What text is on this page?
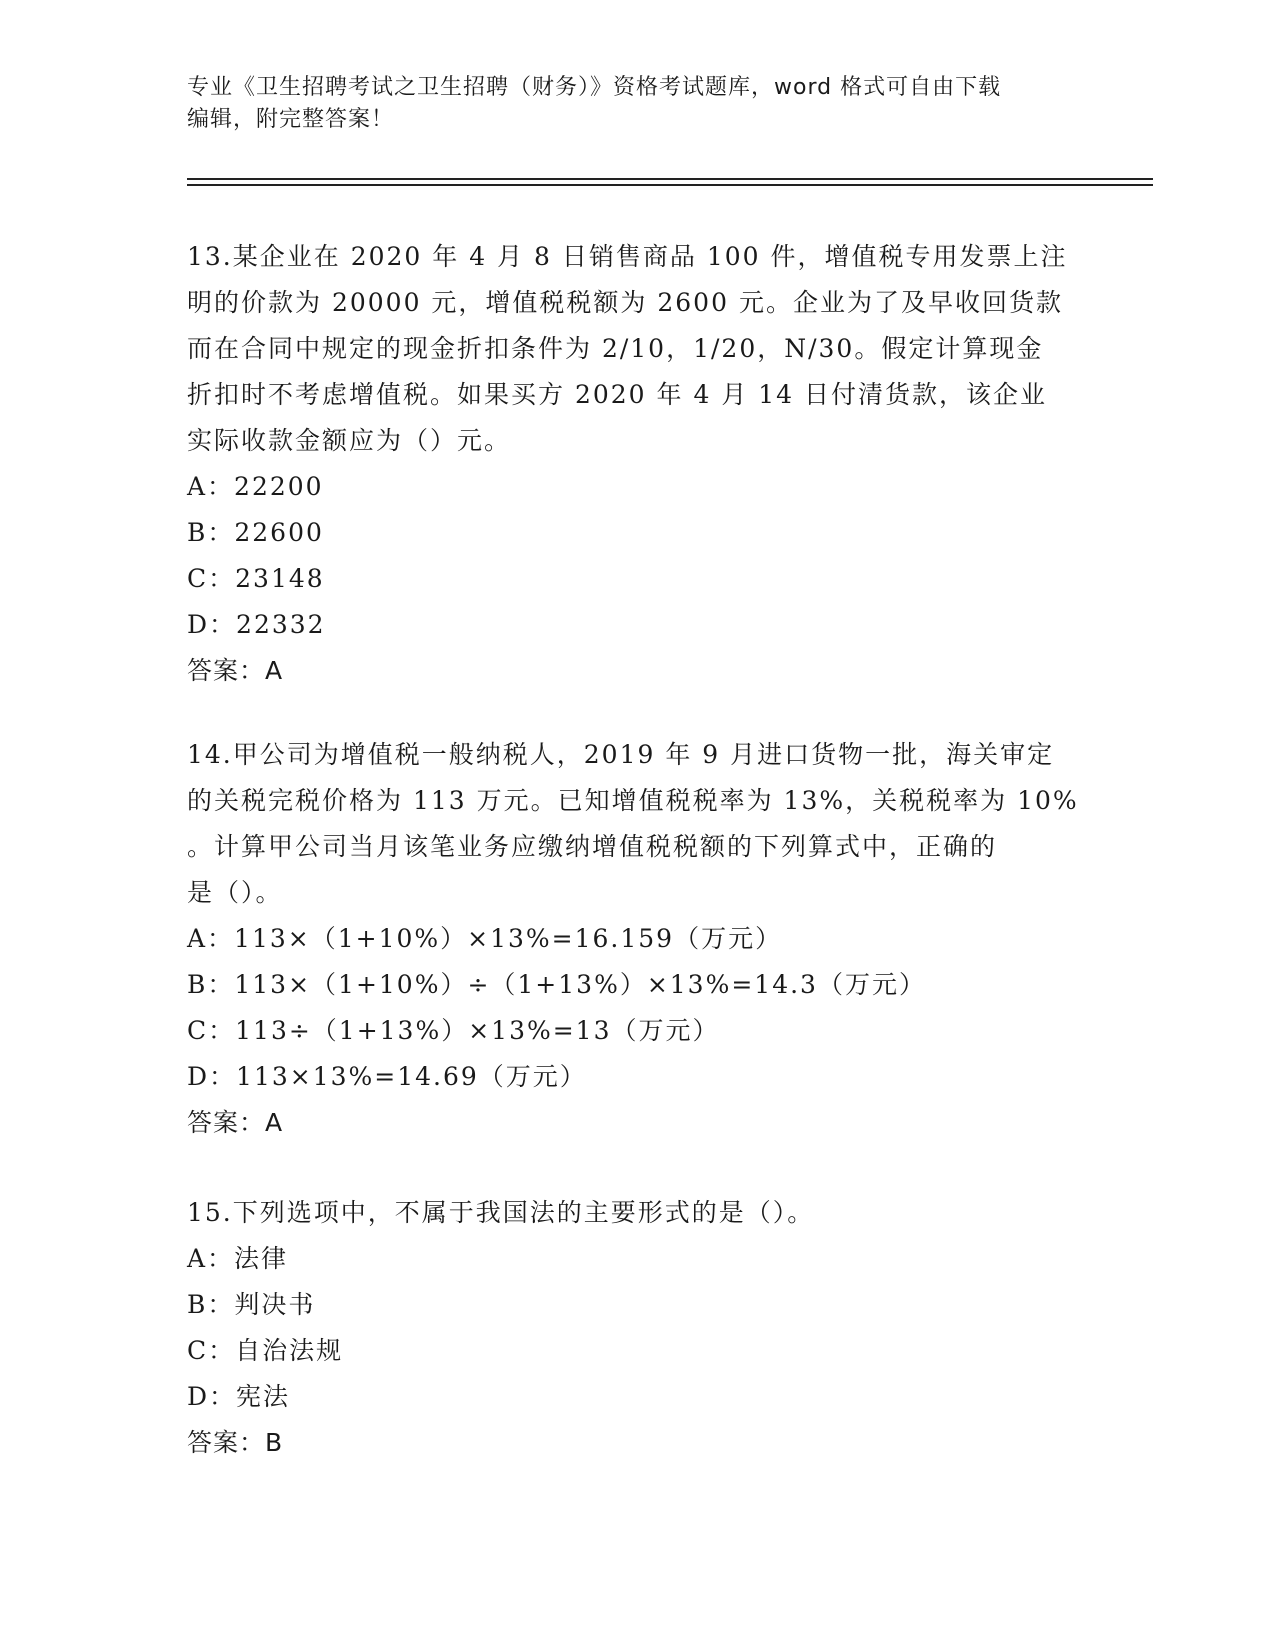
专业《卫生招聘考试之卫生招聘（财务）》资格考试题库，word 格式可自由下载
编辑，附完整答案！
13.某企业在 2020 年 4 月 8 日销售商品 100 件，增值税专用发票上注
明的价款为 20000 元，增值税税额为 2600 元。企业为了及早收回货款
而在合同中规定的现金折扣条件为 2/10，1/20，N/30。假定计算现金
折扣时不考虑增值税。如果买方 2020 年 4 月 14 日付清货款，该企业
实际收款金额应为（）元。
A：22200
B：22600
C：23148
D：22332
答案：A
14.甲公司为增值税一般纳税人，2019 年 9 月进口货物一批，海关审定
的关税完税价格为 113 万元。已知增值税税率为 13%，关税税率为 10%
。计算甲公司当月该笔业务应缴纳增值税税额的下列算式中，正确的
是（）。
A：113×（1+10%）×13%=16.159（万元）
B：113×（1+10%）÷（1+13%）×13%=14.3（万元）
C：113÷（1+13%）×13%=13（万元）
D：113×13%=14.69（万元）
答案：A
15.下列选项中，不属于我国法的主要形式的是（）。
A：法律
B：判决书
C：自治法规
D：宪法
答案：B
